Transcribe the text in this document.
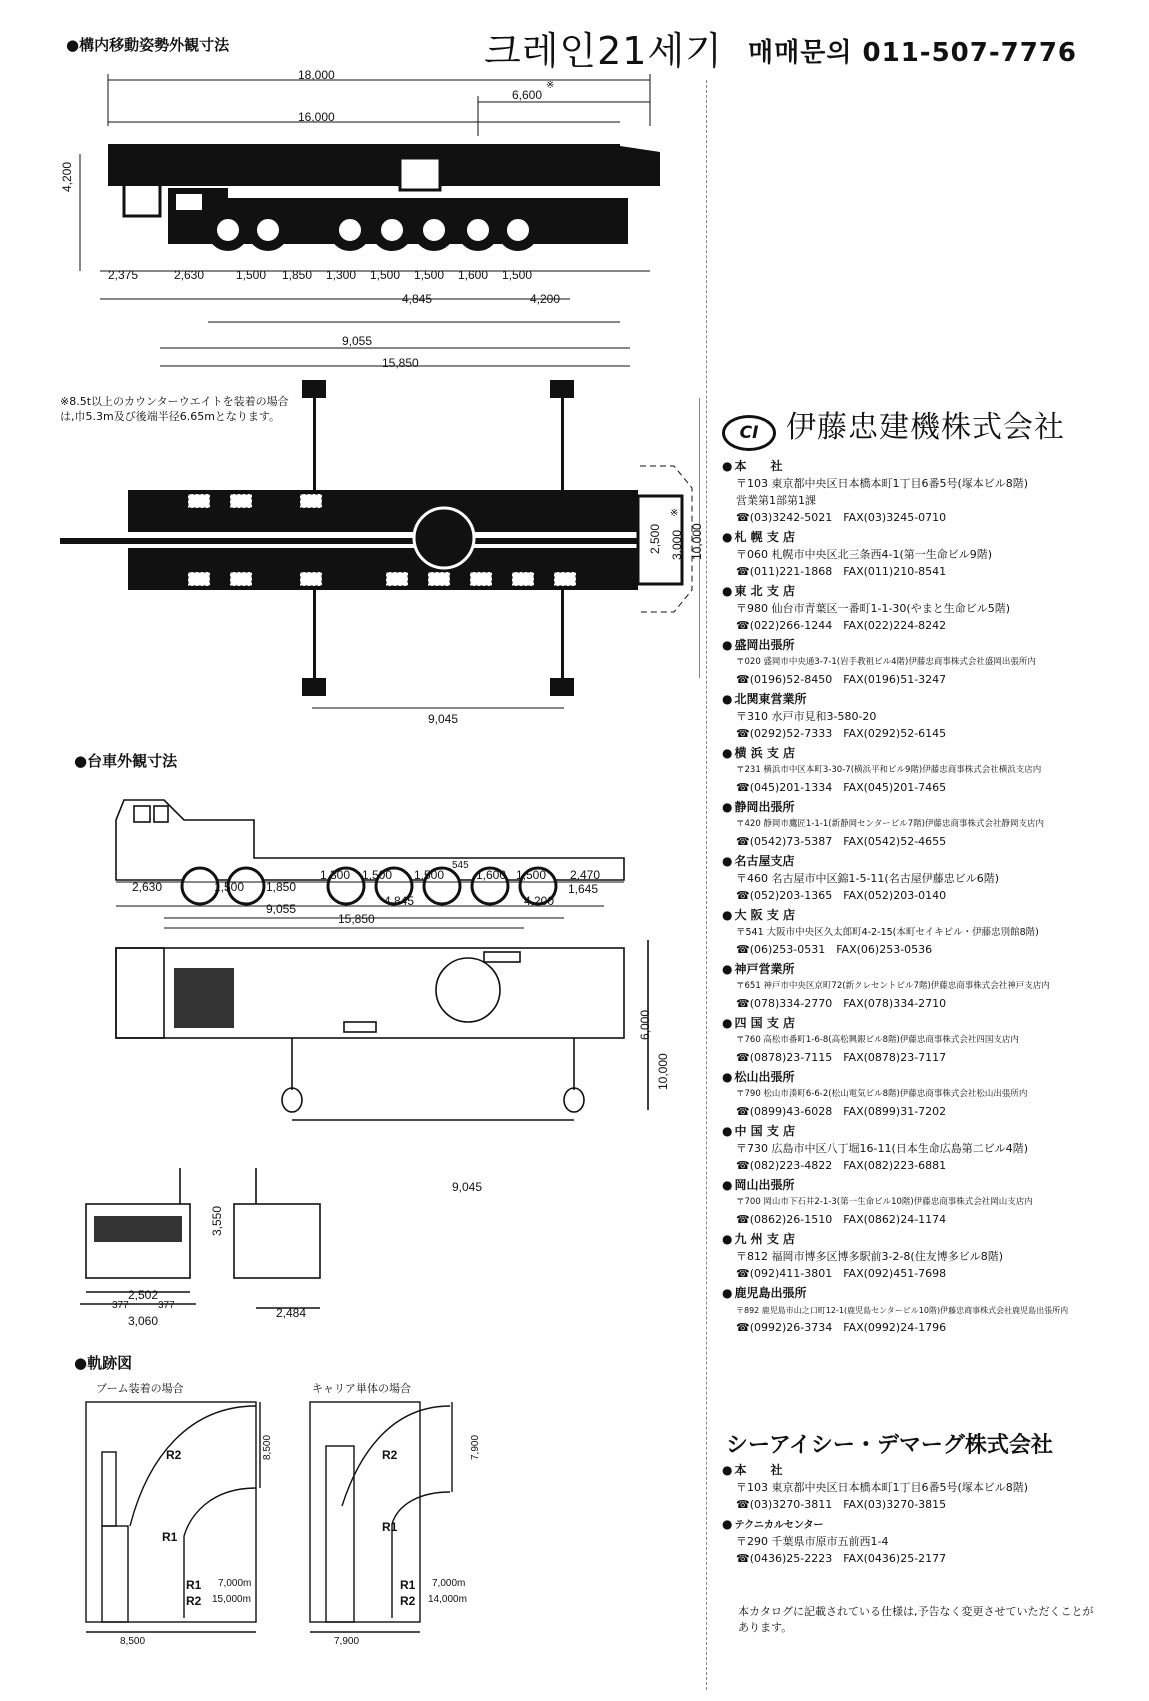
●構内移動姿勢外観寸法	크레인21세기 매매문의 011-507-7776
18,000
16,000
6,600
※
4,200
2,375	2,630	1,500 1,850 1,300 1,500 1,500 1,600 1,500
4,845	4,200
9,055
15,850
※8.5t以上のカウンターウエイトを装着の場合は,巾5.3m及び後端半径6.65mとなります。
2,500 3,000
※
10,000
9,045
●台車外観寸法
2,630	1,500 1,850
1,300 1,500 1,500
545
1,600 1,500 2,470
1,645
4,845	4,200
9,055
15,850
6,000
10,000
9,045
3,550
2,502
377	377
3,060
2,484
●軌跡図
ブーム装着の場合	キャリア単体の場合
R2
R1
R2
R1
8,500
8,500
7,900
7,900
R1 7,000m
R2 15,000m
R1 7,000m
R2 14,000m
CI 伊藤忠建機株式会社
● 本　　社
〒103 東京都中央区日本橋本町1丁目6番5号(塚本ビル8階)
営業第1部第1課
☎(03)3242-5021　FAX(03)3245-0710
● 札 幌 支 店
〒060 札幌市中央区北三条西4-1(第一生命ビル9階)
☎(011)221-1868　FAX(011)210-8541
● 東 北 支 店
〒980 仙台市青葉区一番町1-1-30(やまと生命ビル5階)
☎(022)266-1244　FAX(022)224-8242
● 盛岡出張所
〒020 盛岡市中央通3-7-1(岩手教祖ビル4階)伊藤忠商事株式会社盛岡出張所内
☎(0196)52-8450　FAX(0196)51-3247
● 北関東営業所
〒310 水戸市見和3-580-20
☎(0292)52-7333　FAX(0292)52-6145
● 横 浜 支 店
〒231 横浜市中区本町3-30-7(横浜平和ビル9階)伊藤忠商事株式会社横浜支店内
☎(045)201-1334　FAX(045)201-7465
● 静岡出張所
〒420 静岡市鷹匠1-1-1(新静岡センタービル7階)伊藤忠商事株式会社静岡支店内
☎(0542)73-5387　FAX(0542)52-4655
● 名古屋支店
〒460 名古屋市中区錦1-5-11(名古屋伊藤忠ビル6階)
☎(052)203-1365　FAX(052)203-0140
● 大 阪 支 店
〒541 大阪市中央区久太郎町4-2-15(本町セイキビル・伊藤忠別館8階)
☎(06)253-0531　FAX(06)253-0536
● 神戸営業所
〒651 神戸市中央区京町72(新クレセントビル7階)伊藤忠商事株式会社神戸支店内
☎(078)334-2770　FAX(078)334-2710
● 四 国 支 店
〒760 高松市番町1-6-8(高松興銀ビル8階)伊藤忠商事株式会社四国支店内
☎(0878)23-7115　FAX(0878)23-7117
● 松山出張所
〒790 松山市湊町6-6-2(松山電気ビル8階)伊藤忠商事株式会社松山出張所内
☎(0899)43-6028　FAX(0899)31-7202
● 中 国 支 店
〒730 広島市中区八丁堀16-11(日本生命広島第二ビル4階)
☎(082)223-4822　FAX(082)223-6881
● 岡山出張所
〒700 岡山市下石井2-1-3(第一生命ビル10階)伊藤忠商事株式会社岡山支店内
☎(0862)26-1510　FAX(0862)24-1174
● 九 州 支 店
〒812 福岡市博多区博多駅前3-2-8(住友博多ビル8階)
☎(092)411-3801　FAX(092)451-7698
● 鹿児島出張所
〒892 鹿児島市山之口町12-1(鹿児島センタービル10階)伊藤忠商事株式会社鹿児島出張所内
☎(0992)26-3734　FAX(0992)24-1796
シーアイシー・デマーグ株式会社
● 本　　社
〒103 東京都中央区日本橋本町1丁目6番5号(塚本ビル8階)
☎(03)3270-3811　FAX(03)3270-3815
● テクニカルセンター
〒290 千葉県市原市五前西1-4
☎(0436)25-2223　FAX(0436)25-2177
本カタログに記載されている仕様は,予告なく変更させていただくことがあります。
